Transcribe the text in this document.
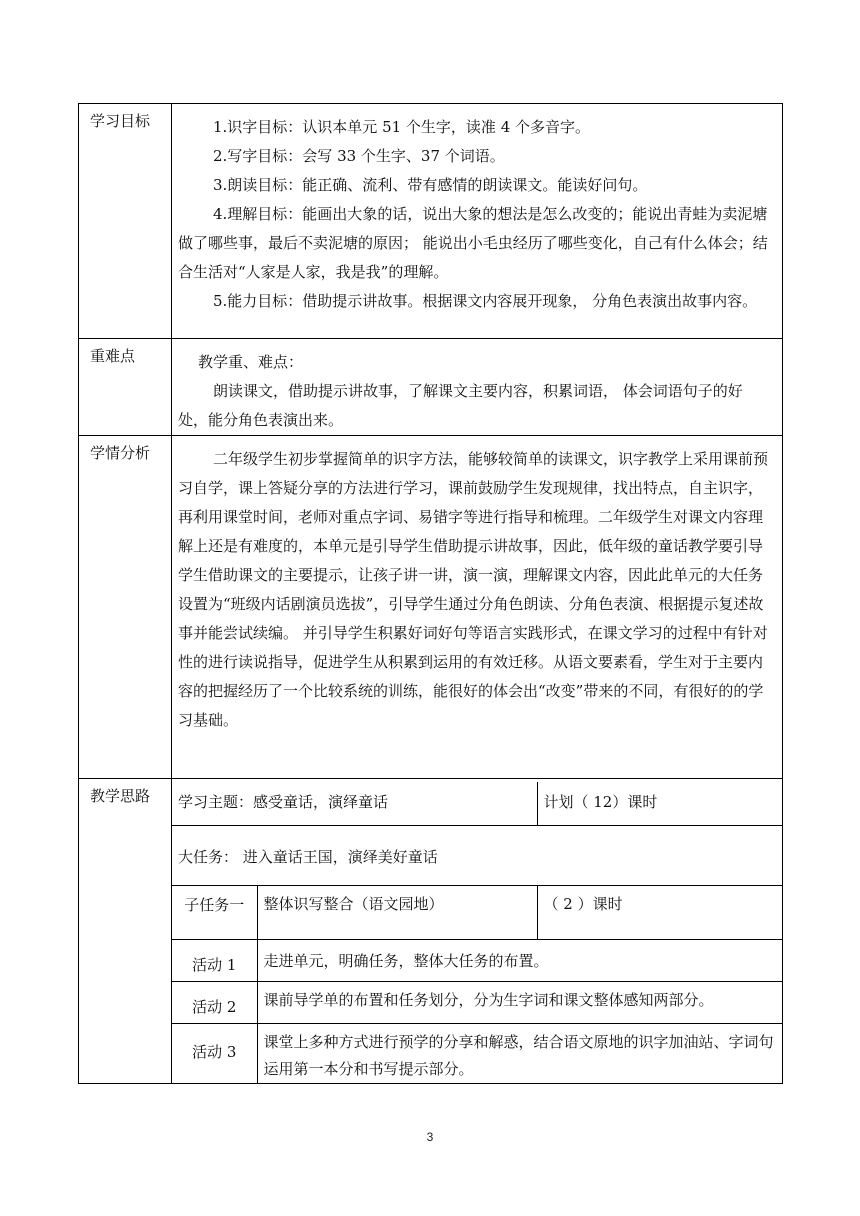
学习目标	1.识字目标：认识本单元 51 个生字，读准 4 个多音字。

2.写字目标：会写 33 个生字、37 个词语。

3.朗读目标：能正确、流利、带有感情的朗读课文。能读好问句。

4.理解目标：能画出大象的话，说出大象的想法是怎么改变的；能说出青蛙为卖泥塘做了哪些事，最后不卖泥塘的原因； 能说出小毛虫经历了哪些变化，自己有什么体会；结合生活对“人家是人家，我是我”的理解。

5.能力目标：借助提示讲故事。根据课文内容展开现象， 分角色表演出故事内容。

重难点	教学重、难点：

朗读课文，借助提示讲故事，了解课文主要内容，积累词语， 体会词语句子的好处，能分角色表演出来。

学情分析	二年级学生初步掌握简单的识字方法，能够较简单的读课文，识字教学上采用课前预习自学，课上答疑分享的方法进行学习，课前鼓励学生发现规律，找出特点，自主识字，再利用课堂时间，老师对重点字词、易错字等进行指导和梳理。二年级学生对课文内容理解上还是有难度的，本单元是引导学生借助提示讲故事，因此，低年级的童话教学要引导学生借助课文的主要提示，让孩子讲一讲，演一演，理解课文内容，因此此单元的大任务设置为“班级内话剧演员选拔”，引导学生通过分角色朗读、分角色表演、根据提示复述故事并能尝试续编。 并引导学生积累好词好句等语言实践形式，在课文学习的过程中有针对性的进行读说指导，促进学生从积累到运用的有效迁移。从语文要素看，学生对于主要内容的把握经历了一个比较系统的训练，能很好的体会出“改变”带来的不同，有很好的的学习基础。

教学思路	学习主题：感受童话，演绎童话	计划（ 12）课时
大任务： 进入童话王国，演绎美好童话
子任务一	整体识写整合（语文园地）	（ 2 ）课时
活动 1	走进单元，明确任务，整体大任务的布置。
活动 2	课前导学单的布置和任务划分，分为生字词和课文整体感知两部分。
活动 3	课堂上多种方式进行预学的分享和解惑，结合语文原地的识字加油站、字词句运用第一本分和书写提示部分。
3
